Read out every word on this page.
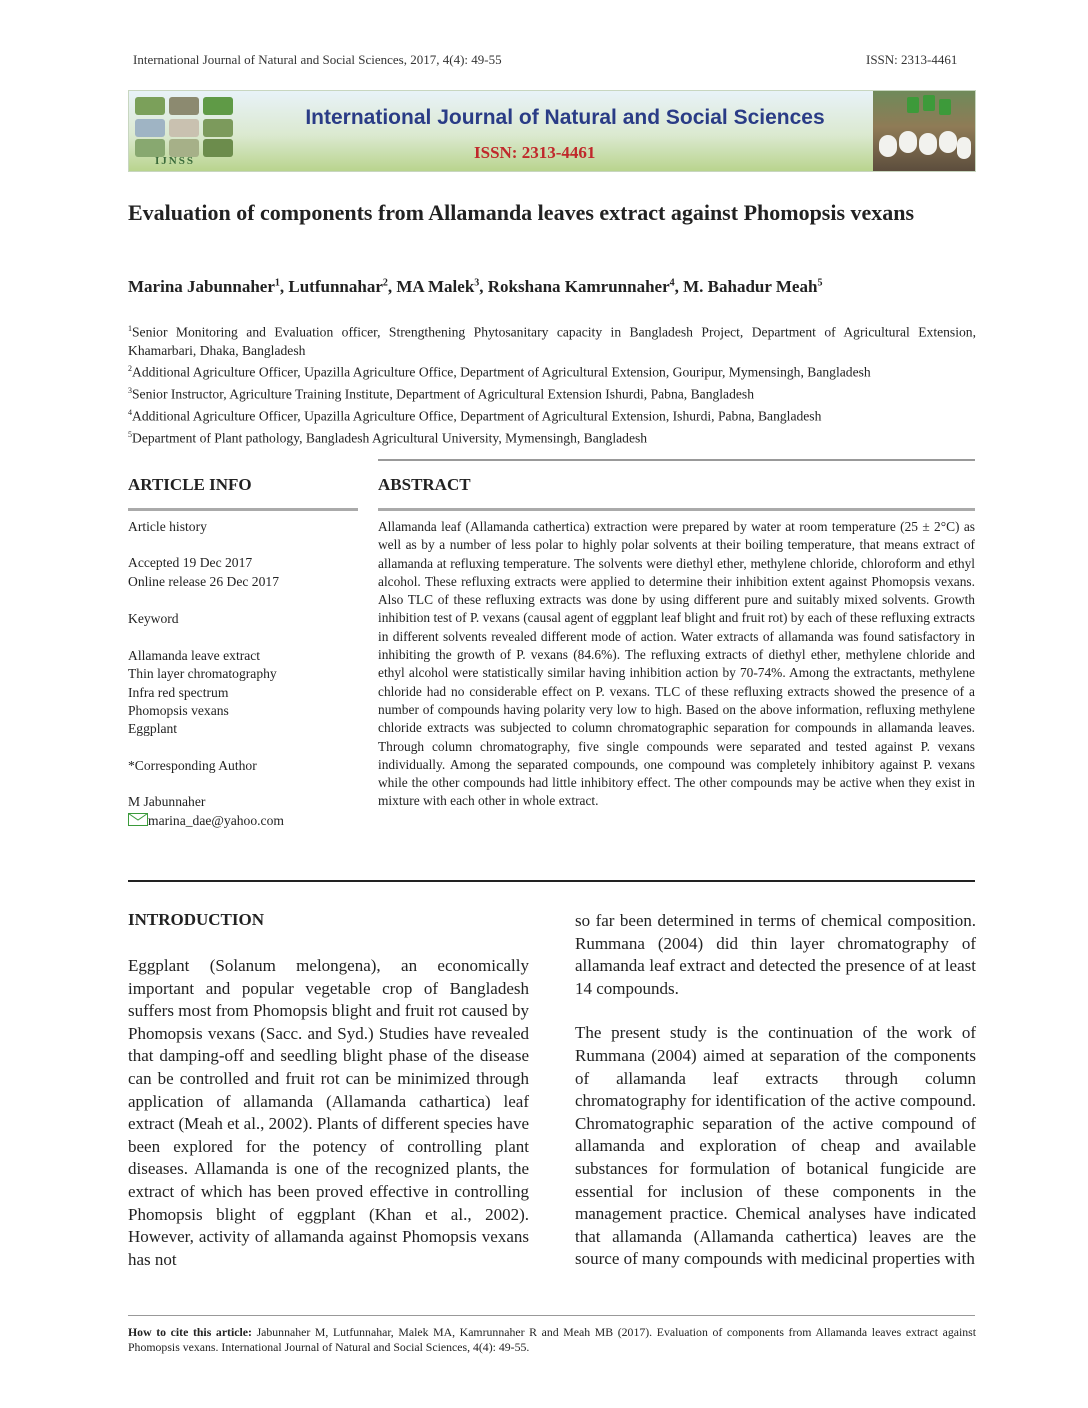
International Journal of Natural and Social Sciences, 2017, 4(4): 49-55	ISSN: 2313-4461
IJNSS
International Journal of Natural and Social Sciences
ISSN: 2313-4461
Evaluation of components from Allamanda leaves extract against Phomopsis vexans
Marina Jabunnaher$^1$, Lutfunnahar$^2$, MA Malek$^3$, Rokshana Kamrunnaher$^4$, M. Bahadur Meah$^5$

$^1$Senior Monitoring and Evaluation officer, Strengthening Phytosanitary capacity in Bangladesh Project, Department of Agricultural Extension, Khamarbari, Dhaka, Bangladesh

$^2$Additional Agriculture Officer, Upazilla Agriculture Office, Department of Agricultural Extension, Gouripur, Mymensingh, Bangladesh

$^3$Senior Instructor, Agriculture Training Institute, Department of Agricultural Extension Ishurdi, Pabna, Bangladesh

$^4$Additional Agriculture Officer, Upazilla Agriculture Office, Department of Agricultural Extension, Ishurdi, Pabna, Bangladesh

$^5$Department of Plant pathology, Bangladesh Agricultural University, Mymensingh, Bangladesh

ARTICLE INFO	ABSTRACT
Article history
Accepted 19 Dec 2017
Online release 26 Dec 2017
Keyword
Allamanda leave extract
Thin layer chromatography
Infra red spectrum
Phomopsis vexans
Eggplant
*Corresponding Author
M Jabunnaher
marina_dae@yahoo.com
Allamanda leaf (Allamanda cathertica) extraction were prepared by water at room temperature (25 ± 2°C) as well as by a number of less polar to highly polar solvents at their boiling temperature, that means extract of allamanda at refluxing temperature. The solvents were diethyl ether, methylene chloride, chloroform and ethyl alcohol. These refluxing extracts were applied to determine their inhibition extent against Phomopsis vexans. Also TLC of these refluxing extracts was done by using different pure and suitably mixed solvents. Growth inhibition test of P. vexans (causal agent of eggplant leaf blight and fruit rot) by each of these refluxing extracts in different solvents revealed different mode of action. Water extracts of allamanda was found satisfactory in inhibiting the growth of P. vexans (84.6%). The refluxing extracts of diethyl ether, methylene chloride and ethyl alcohol were statistically similar having inhibition action by 70-74%. Among the extractants, methylene chloride had no considerable effect on P. vexans. TLC of these refluxing extracts showed the presence of a number of compounds having polarity very low to high. Based on the above information, refluxing methylene chloride extracts was subjected to column chromatographic separation for compounds in allamanda leaves. Through column chromatography, five single compounds were separated and tested against P. vexans individually. Among the separated compounds, one compound was completely inhibitory against P. vexans while the other compounds had little inhibitory effect. The other compounds may be active when they exist in mixture with each other in whole extract.
INTRODUCTION

Eggplant (Solanum melongena), an economically important and popular vegetable crop of Bangladesh suffers most from Phomopsis blight and fruit rot caused by Phomopsis vexans (Sacc. and Syd.) Studies have revealed that damping-off and seedling blight phase of the disease can be controlled and fruit rot can be minimized through application of allamanda (Allamanda cathartica) leaf extract (Meah et al., 2002). Plants of different species have been explored for the potency of controlling plant diseases. Allamanda is one of the recognized plants, the extract of which has been proved effective in controlling Phomopsis blight of eggplant (Khan et al., 2002). However, activity of allamanda against Phomopsis vexans has not

so far been determined in terms of chemical composition. Rummana (2004) did thin layer chromatography of allamanda leaf extract and detected the presence of at least 14 compounds.

The present study is the continuation of the work of Rummana (2004) aimed at separation of the components of allamanda leaf extracts through column chromatography for identification of the active compound. Chromatographic separation of the active compound of allamanda and exploration of cheap and available substances for formulation of botanical fungicide are essential for inclusion of these components in the management practice. Chemical analyses have indicated that allamanda (Allamanda cathertica) leaves are the source of many compounds with medicinal properties with

How to cite this article: Jabunnaher M, Lutfunnahar, Malek MA, Kamrunnaher R and Meah MB (2017). Evaluation of components from Allamanda leaves extract against Phomopsis vexans. International Journal of Natural and Social Sciences, 4(4): 49-55.
